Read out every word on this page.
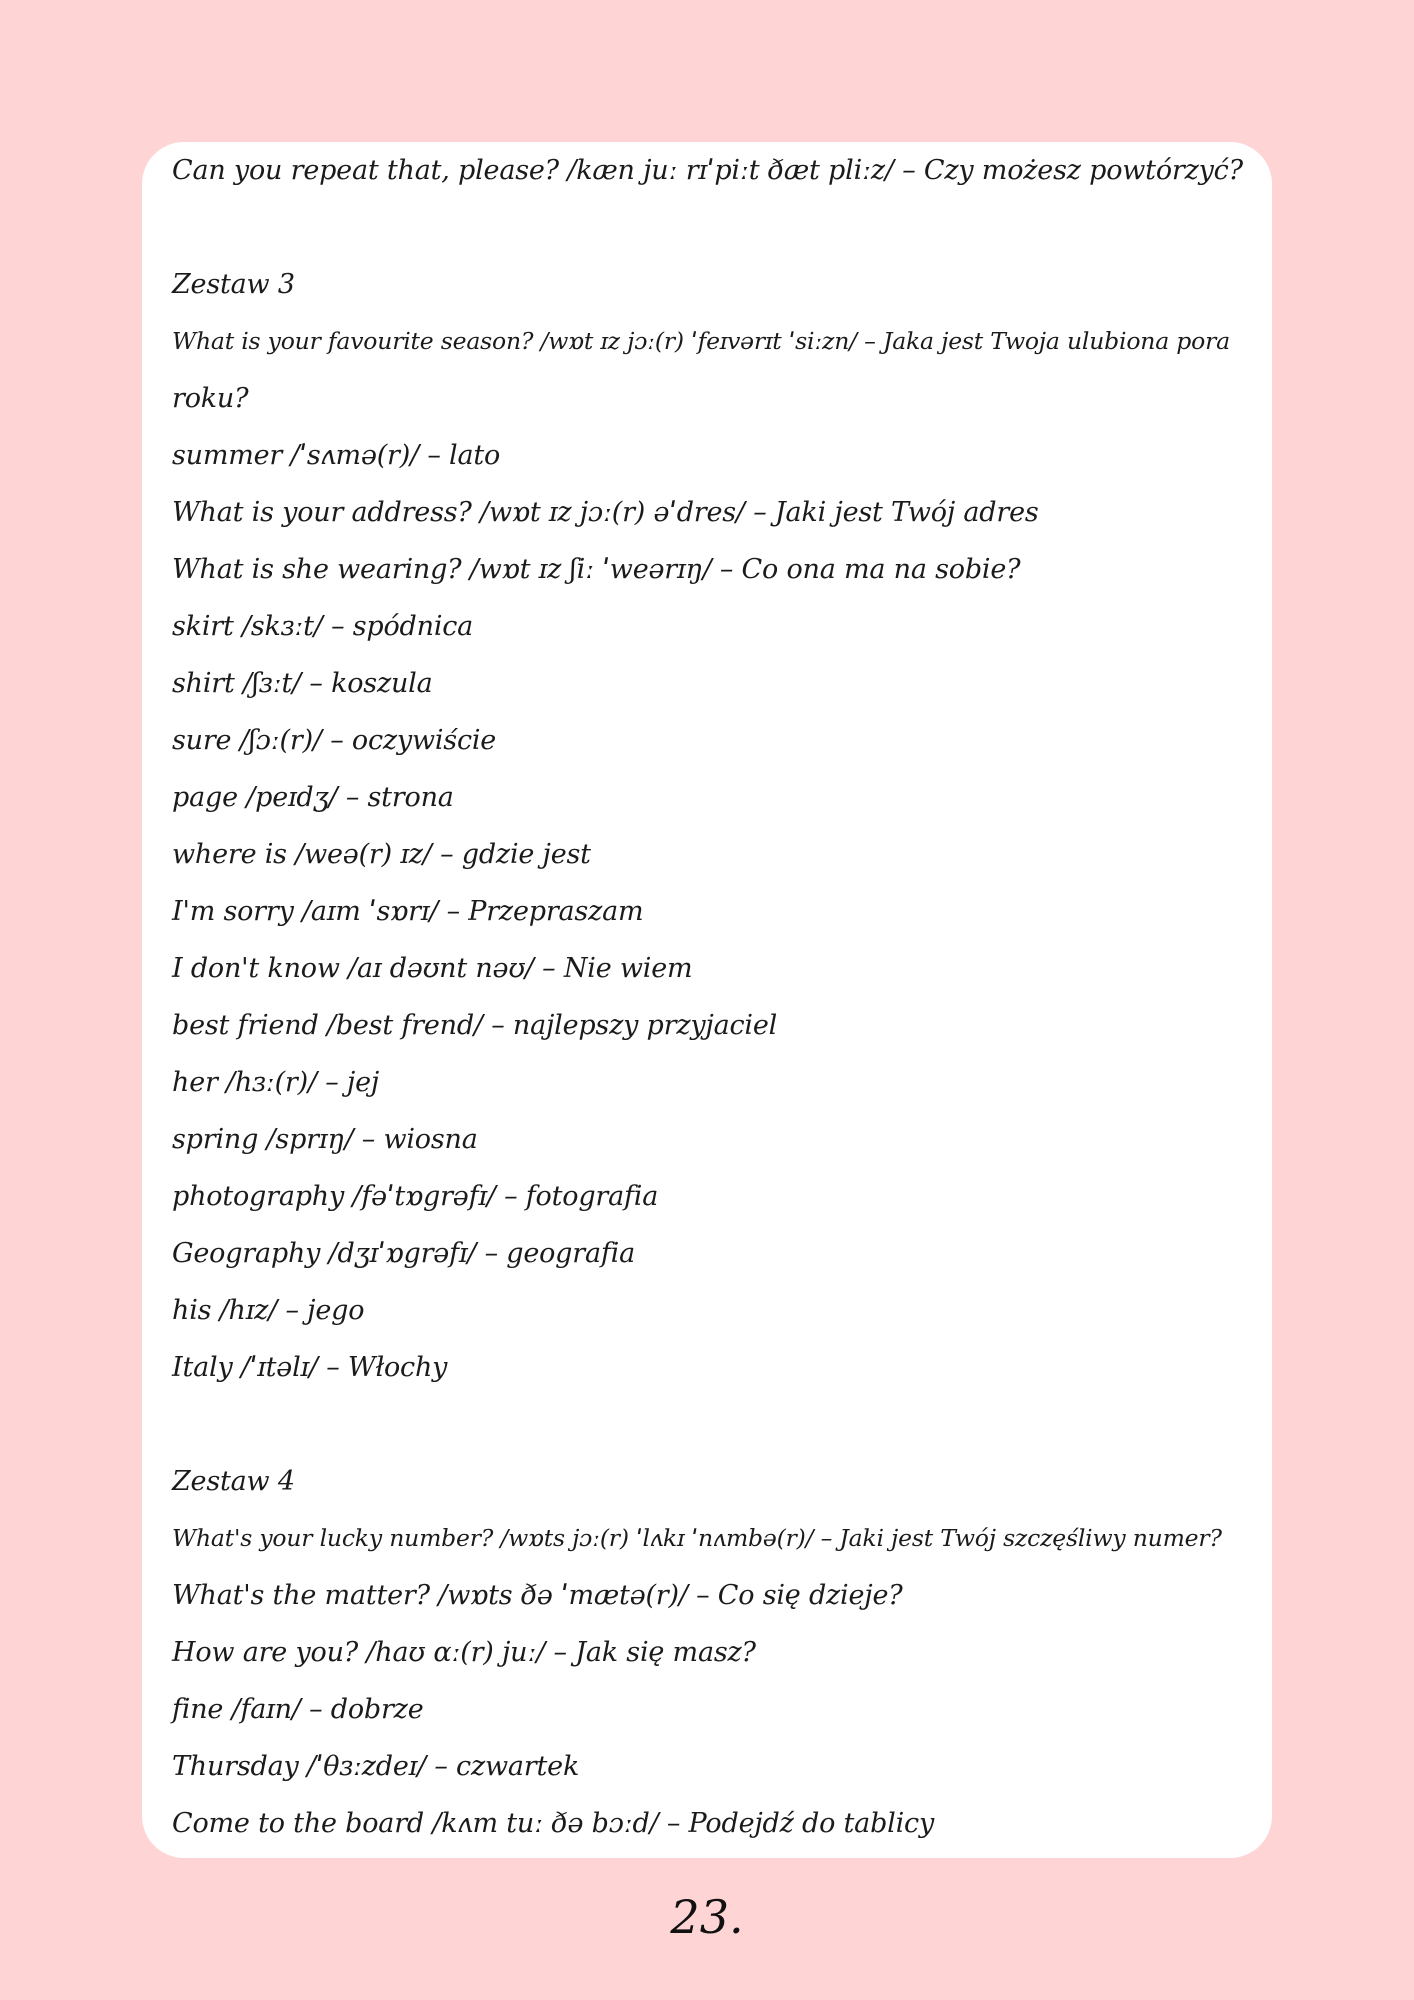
Can you repeat that, please? /kæn juː rɪˈpiːt ðæt pliːz/ – Czy możesz powtórzyć?
Zestaw 3
What is your favourite season? /wɒt ɪz jɔː(r) ˈfeɪvərɪt ˈsiːzn/ – Jaka jest Twoja ulubiona pora
roku?
summer /ˈsʌmə(r)/ – lato
What is your address? /wɒt ɪz jɔː(r) əˈdres/ – Jaki jest Twój adres
What is she wearing? /wɒt ɪz ʃiː ˈweərɪŋ/ – Co ona ma na sobie?
skirt /skɜːt/ – spódnica
shirt /ʃɜːt/ – koszula
sure /ʃɔː(r)/ – oczywiście
page /peɪdʒ/ – strona
where is /weə(r) ɪz/ – gdzie jest
I'm sorry /aɪm ˈsɒrɪ/ – Przepraszam
I don't know /aɪ dəʊnt nəʊ/ – Nie wiem
best friend /best frend/ – najlepszy przyjaciel
her /hɜː(r)/ – jej
spring /sprɪŋ/ – wiosna
photography /fəˈtɒgrəfɪ/ – fotografia
Geography /dʒɪˈɒgrəfɪ/ – geografia
his /hɪz/ – jego
Italy /ˈɪtəlɪ/ – Włochy
Zestaw 4
What's your lucky number? /wɒts jɔː(r) ˈlʌkɪ ˈnʌmbə(r)/ – Jaki jest Twój szczęśliwy numer?
What's the matter? /wɒts ðə ˈmætə(r)/ – Co się dzieje?
How are you? /haʊ ɑː(r) juː/ – Jak się masz?
fine /faɪn/ – dobrze
Thursday /ˈθɜːzdeɪ/ – czwartek
Come to the board /kʌm tuː ðə bɔːd/ – Podejdź do tablicy
23.
